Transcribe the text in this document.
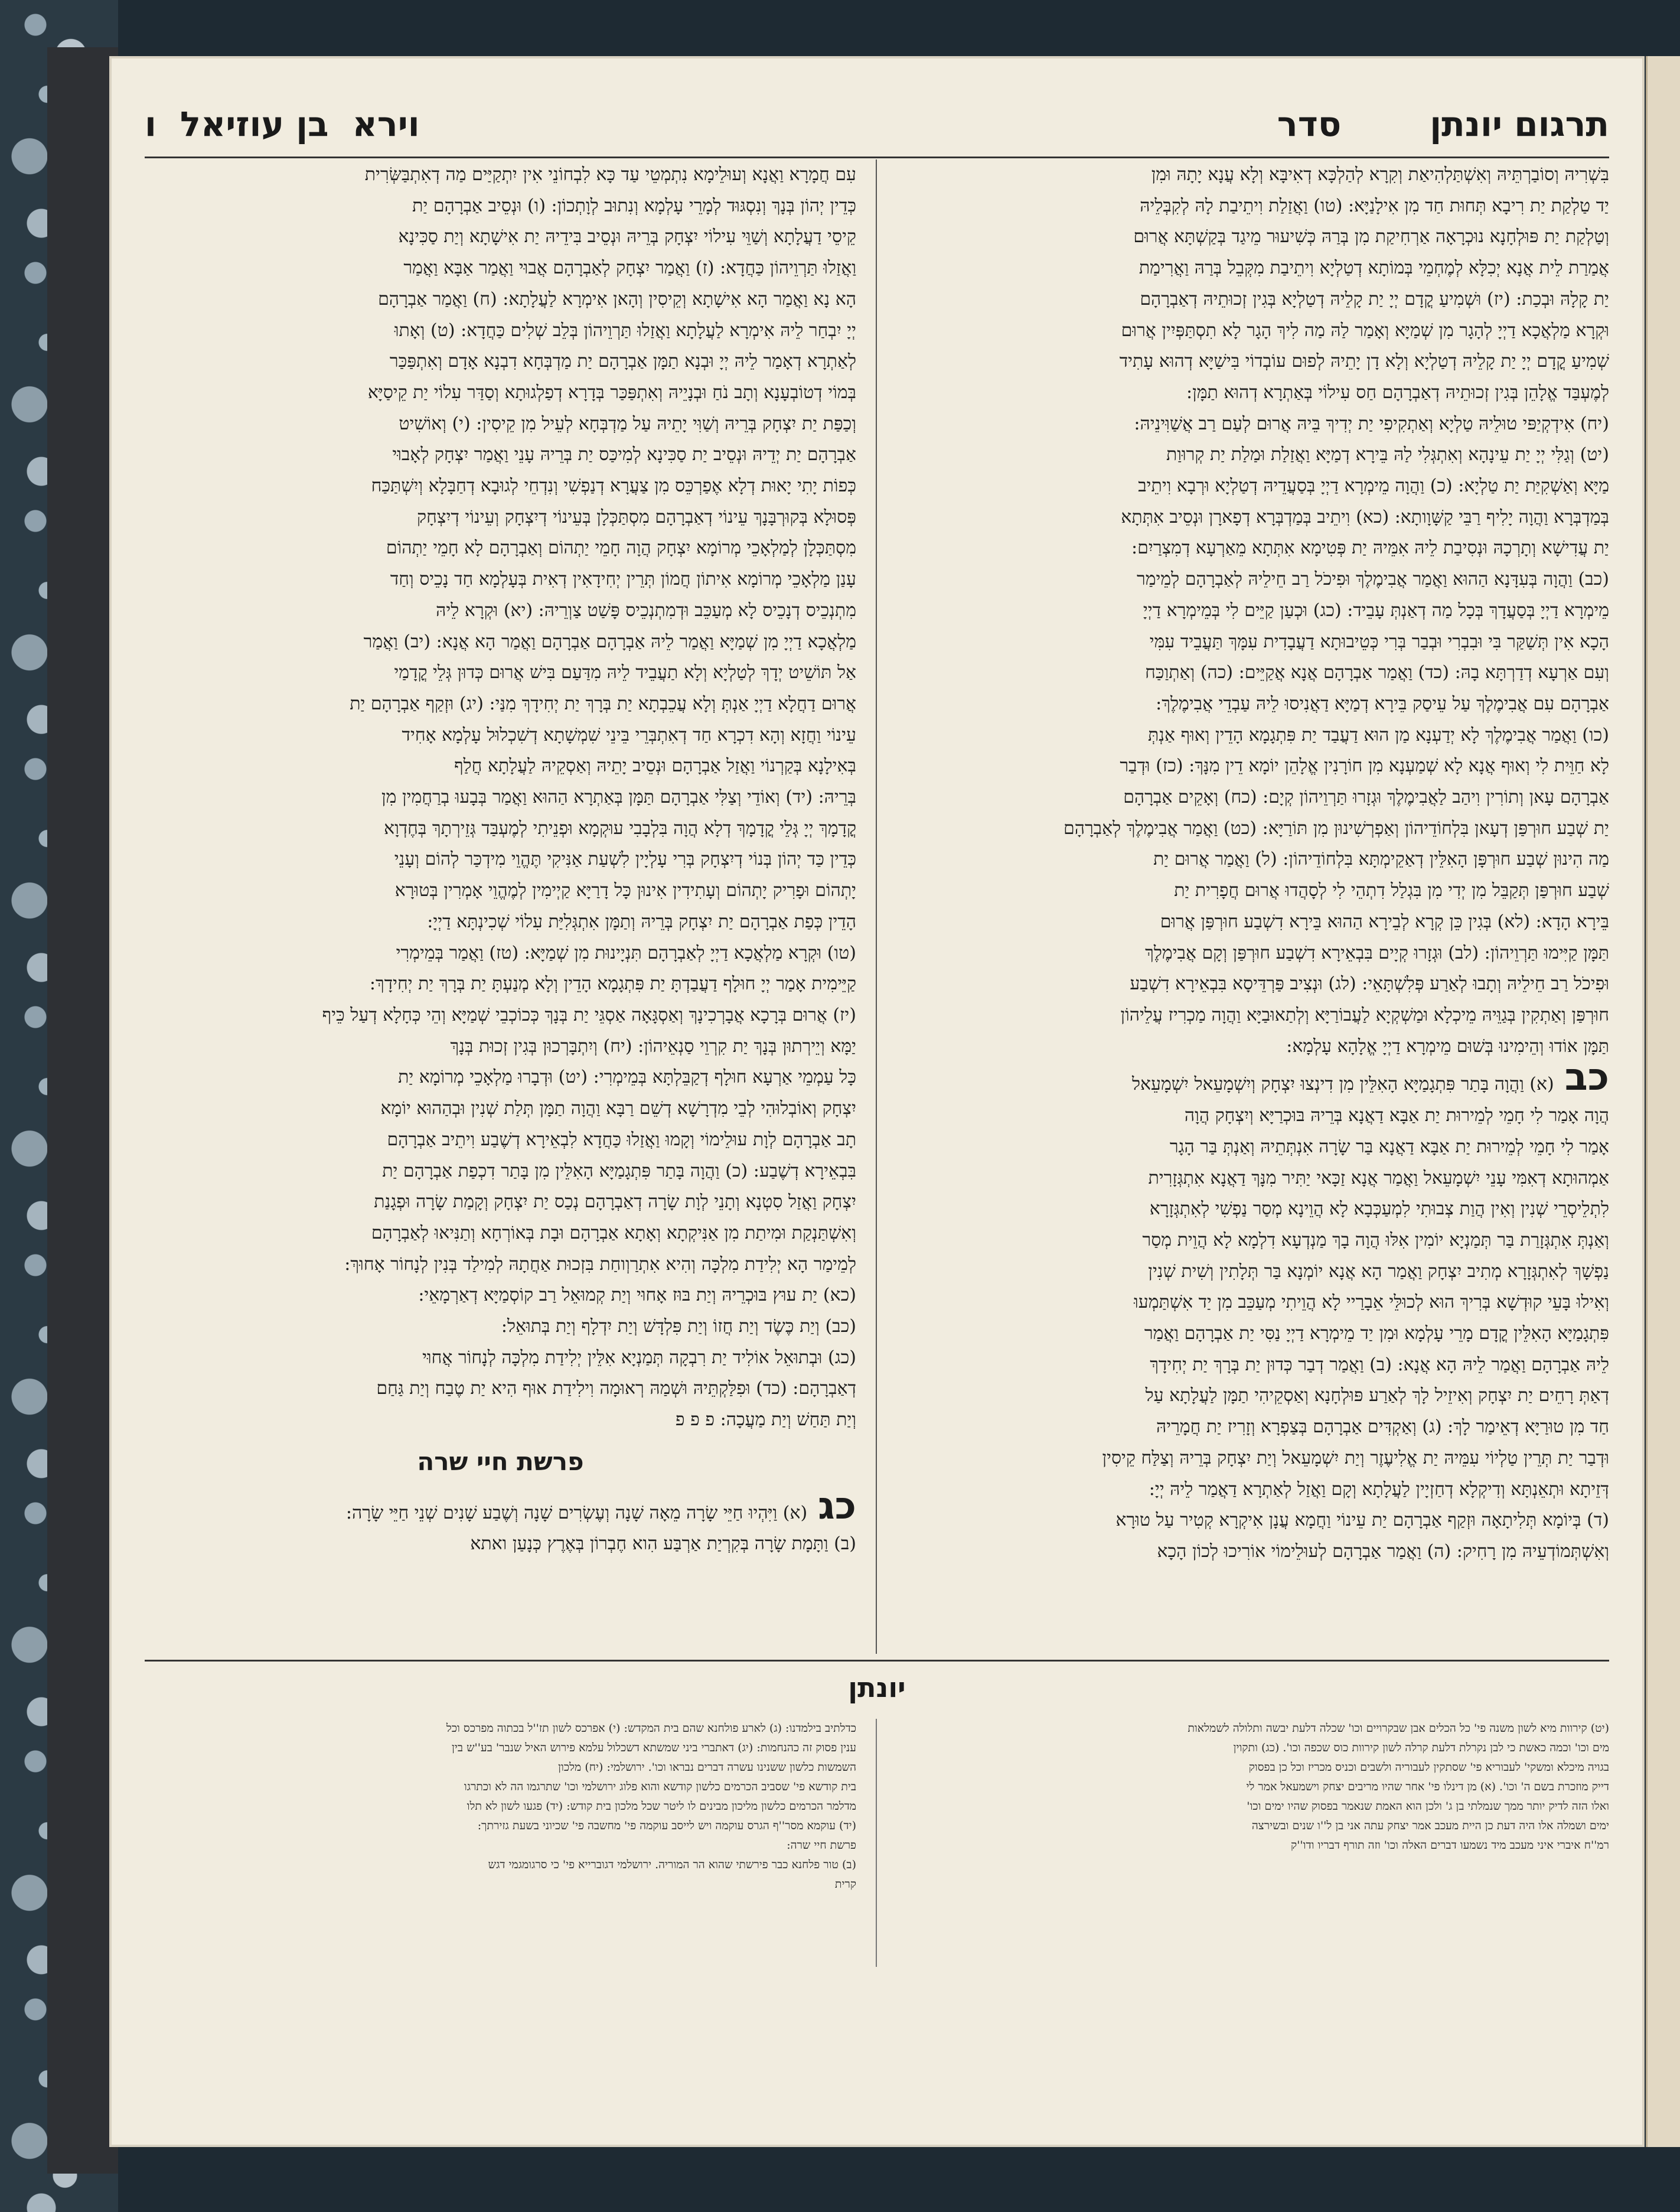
תרגום יונתן
סדר
וירא
בן עוזיאל
ו
בִּשְׁרִיהּ וְסוֹבַרְתֵּיהּ וְאִשְׁתַּלְהִיאַת וְקִרָא לְהַלְכָּא דְאִיבָּא וְלָא עֲנָא יָתָהּ וּמִן
יַד טַלְקַת יַת רִיבָא תְּחוּת חַד מִן אִילָנַיָּא: (טו) וַאֲזַלַת וִיתֵיבַת לָהּ לְקִבְּלֵיהּ
וְטַלְקַת יַת פּוּלְחָנָא נוּכְרָאָה אַרְחִיקַת מִן בְּרַהּ כְּשִׁיעוּר מֵיגַד בְּקַשְׁתָּא אֲרוּם
אֲמַרַת לֵית אֲנָא יְכִלָּא לְמֶחְמֵי בְּמוֹתָא דְטַלְיָא וִיתֵיבַת מִקְּבֵל בְּרַהּ וַאֲרִימַת
יַת קָלָהּ וּבְכַת: (יז) וּשְׁמִיעַ קֳדָם יְיָ יַת קָלֵיהּ דְטַלְיָא בְּגִין זְכוּתֵיהּ דְאַבְרָהָם
וּקְרָא מַלְאֲכָא דַיְיָ לְהָגָר מִן שְׁמַיָּא וְאָמַר לַהּ מַה לִיךְ הָגָר לָא תִסְתַּפְּיִין אֲרוּם
שְׁמִיעַ קֳדָם יְיָ יַת קָלֵיהּ דְטַלְיָא וְלָא דָן יָתֵיהּ לְפוּם עוֹבְדוֹי בִּישַׁיָּא דְהוּא עָתִיד
לְמֶעְבַּד אֱלָהֵן בְּגִין זְכוּתֵיהּ דְאַבְרָהָם חַס עִילוֹי בְּאַתְרָא דְהוּא תַמָּן:
(יח) אִידְקְיַפּי טוּלֵיהּ טַלְיָא וְאַתְקִיפִי יַת יְדִיךְ בֵּיהּ אֲרוּם לְעַם רַב אֲשַׁוִּינֵיהּ:
(יט) וְגַלִּי יְיָ יַת עֵינָהָא וְאִתְגְּלִי לַהּ בֵּירָא דְמַיָּא וַאֲזַלַת וּמַלַת יַת קְרוּוַת
מַיָּא וְאַשְׁקִיַּת יַת טַלְיָא: (כ) וַהֲוָה מֵימְרָא דַיְיָ בְּסַעֲדֵיהּ דְטַלְיָא וּרְבָא וִיתֵיב
בְּמַדְבְּרָא וַהֲוָה יָלִיף רַבֵּי קַשָּׁוָותָא: (כא) וִיתֵיב בְּמַדְבְּרָא דְפָארָן וּנְסֵיב אִתְּתָא
יַת עֲדִישָׁא וְתָרְכָהּ וּנְסִיבַת לֵיהּ אִמֵּיהּ יַת פְּטִימָא אִתְּתָא מֵאַרְעָא דְמִצְרַיִם:
(כב) וַהֲוָה בְּעִדָּנָא הַהוּא וַאֲמַר אֲבִימֶלֶךְ וּפִיכֹל רַב חֵילֵיהּ לְאַבְרָהָם לְמֵימַר
מֵימְרָא דַיְיָ בְּסַעֲדָךְ בְּכָל מַה דְאַנְתְּ עָבֵיד: (כג) וּכְעַן קַיֵּים לִי בְּמֵימְרָא דַיְיָ
הָכָא אִין תְּשַׁקַּר בִּי וּבִבְרִי וּבְבַר בְּרִי כְּטֵיבוּתָא דַעֲבָדִית עִמָּךְ תַּעֲבֵיד עִמִּי
וְעִם אַרְעָא דְדַרְתָּא בָהּ: (כד) וַאֲמַר אַבְרָהָם אֲנָא אֲקַיֵּים: (כה) וְאַתְוַכַּח
אַבְרָהָם עִם אֲבִימֶלֶךְ עַל עֵיסַק בֵּירָא דְמַיָּא דַאֲנִיסוּ לֵיהּ עַבְדֵי אֲבִימֶלֶךְ:
(כו) וַאֲמַר אֲבִימֶלֶךְ לָא יְדַעְנָא מַן הוּא דַעֲבַד יַת פִּתְגָמָא הָדֵין וְאוּף אַנְתְּ
לָא חַוֵּית לִי וְאוּף אֲנָא לָא שְׁמַעְנָא מִן חוֹרָנִין אֱלָהֵן יוֹמָא דֵין מִנָּךְ: (כז) וּדְבַר
אַבְרָהָם עָאן וְתוֹרִין וִיהַב לַאֲבִימֶלֶךְ וּגְזָרוּ תַּרְוֵיהוֹן קְיָם: (כח) וְאָקֵים אַבְרָהָם
יַת שְׁבַע חוּרְפַּן דְעָאן בִּלְחוֹדֵיהוֹן וְאַפְרְשִׁינוּן מִן תּוֹרַיָּא: (כט) וַאֲמַר אֲבִימֶלֶךְ לְאַבְרָהָם
מַה הִינוּן שְׁבַע חוּרְפָּן הָאִלֵּין דְאַקֵימְתָּא בִּלְחוֹדֵיהוֹן: (ל) וַאֲמַר אֲרוּם יַת
שְׁבַע חוּרְפַּן תְּקַבֵּל מִן יְדִי מִן בִּגְלַל דִתְהֵי לִי לְסָהֲדוּ אֲרוּם חֲפָרִית יַת
בֵּירָא הָדָא: (לא) בְּגִין כֵּן קְרָא לְבֵירָא הַהוּא בֵּירָא דִשְׁבַע חוּרְפַּן אֲרוּם
תַּמָּן קַיִּימוּ תַּרְוֵיהוֹן: (לב) וּגְזָרוּ קְיָים בִּבְאֵירָא דִשְׁבַע חוּרְפַּן וְקָם אֲבִימֶלֶךְ
וּפִיכֹל רַב חֵילֵיהּ וְתָבוּ לְאַרַע פְּלִשְׁתָּאֵי: (לג) וּנְצִיב פַּרְדֵּיסָא בִּבְאֵירָא דִשְׁבַע
חוּרְפַּן וְאַתְקִין בְּגַוֵּיהּ מֵיכְלָא וּמַשְׁקְיָא לַעֲבוֹרַיָּא וְלְתַאוּבַיָּא וַהֲוָה מַכְרִיז עֲלֵיהוֹן
תַּמָּן אוֹדוּ וְהֵימִינוּ בְּשׁוּם מֵימְרָא דַיְיָ אֱלָהָא עָלְמָא:
כב(א) וַהֲוָה בָּתַר פִּתְגָמַיָּא הָאִלֵּין מִן דִינְצוּ יִצְחָק וְיִשְׁמָעֵאל יִשְׁמָעֵאל
הֲוָה אָמַר לִי חָמֵי לְמֵירוּת יַת אַבָּא דַאֲנָא בְּרֵיהּ בּוּכְרַיָּא וְיִצְחָק הֲוָה
אָמַר לִי חָמֵי לְמֵירוּת יַת אַבָּא דַאֲנָא בַּר שָׂרָה אִנְתְּתֵיהּ וְאַנְתְּ בַּר הָגָר
אַמְהוּתָא דְאִמִּי עָנֵי יִשְׁמָעֵאל וַאֲמַר אֲנָא זַכָּאי יַתִּיר מִנָּךְ דַאֲנָא אִתְגְּזָרִית
לִתְלֵיסְרֵי שְׁנִין וְאִין הֲוַת צְבוּתִי לִמְעַכְּבָא לָא הֲוֵינָא מְסַר נַפְשִׁי לְאִתְגְּזָרָא
וְאַנְתְּ אִתְגְּזָרַת בַּר תְּמַנְיָא יוֹמִין אִלּוּ הֲוָה בָךְ מַנְדְעָא דִלְמָא לָא הֲוֵית מְסַר
נַפְשָׁךְ לְאִתְגְּזָרָא מְתִיב יִצְחָק וַאֲמַר הָא אֲנָא יוֹמְנָא בַּר תְּלָתִין וְשִׁית שְׁנִין
וְאִילוּ בָּעֵי קוּדְשָׁא בְּרִיךְ הוּא לְכוּלֵּי אֵבָרַיי לָא הֲוֵיתִי מְעַכֵּב מִן יַד אִשְׁתַּמְעוּ
פִּתְגָמַיָּא הָאִלֵּין קֳדָם מָרֵי עָלְמָא וּמִן יַד מֵימְרָא דַיְיָ נַסִּי יַת אַבְרָהָם וַאֲמַר
לֵיהּ אַבְרָהָם וַאֲמַר לֵיהּ הָא אֲנָא: (ב) וַאֲמַר דְבַר כְּדוּן יַת בְּרָךְ יַת יְחִידָךְ
דְאַתְּ רָחֵים יַת יִצְחָק וְאִיזֵיל לָךְ לְאַרַע פּוּלְחָנָא וְאַסְקֵיהִי תַמָּן לַעֲלָתָא עַל
חַד מִן טוּרַיָּא דְאֵימַר לָךְ: (ג) וְאַקְדִּים אַבְרָהָם בְּצַפְרָא וְזָרִיז יַת חֲמָרֵיהּ
וּדְבַר יַת תְּרֵין טַלְיוֹי עִמֵּיהּ יַת אֱלִיעֶזֶר וְיַת יִשְׁמָעֵאל וְיַת יִצְחָק בְּרֵיהּ וְצַלַּח קֵיסִין
דְּזֵיתָא וּתְאֵנְתָּא וְדִיקְלָא דְחַזְיָין לַעֲלָתָא וְקָם וַאֲזַל לְאַתְרָא דַאֲמַר לֵיהּ יְיָ:
(ד) בְּיוֹמָא תְּלִיתָאָה וּזְקַף אַבְרָהָם יַת עֵינוֹי וַחֲמָא עֲנָן אִיקְרָא קְטִיר עַל טוּרָא
וְאִשְׁתְּמוֹדְעֵיהּ מִן רָחִיק: (ה) וַאֲמַר אַבְרָהָם לְעוּלֵימוֹי אוֹרִיכוּ לְכוֹן הָכָא
עִם חֲמָרָא וַאֲנָא וְעוּלֵימָא נִתְמְטֵי עַד כָּא לִבְחוֹנֵי אִין יִתְקַיַּים מַה דְאִתְבַּשְּׂרִית
כְּדֵין יְהוֹן בְּנָךְ וְנִסְגּוּד לְמָרֵי עָלְמָא וְנִתוּב לְוָתְכוֹן: (ו) וּנְסֵיב אַבְרָהָם יַת
קֵיסֵי דַעֲלָתָא וְשַׁוֵּי עִילוֹי יִצְחָק בְּרֵיהּ וּנְסֵיב בִּידֵיהּ יַת אִישָׁתָא וְיַת סַכִּינָא
וַאֲזַלוּ תַּרְוֵיהוֹן כַּחֲדָא: (ז) וַאֲמַר יִצְחָק לְאַבְרָהָם אֲבוּי וַאֲמַר אַבָּא וַאֲמַר
הָא נָא וַאֲמַר הָא אִישָׁתָא וְקֵיסִין וְהָאן אִימְרָא לַעֲלָתָא: (ח) וַאֲמַר אַבְרָהָם
יְיָ יִבְחַר לֵיהּ אִימְרָא לַעֲלָתָא וַאֲזַלוּ תַּרְוֵיהוֹן בְּלֵב שְׁלִים כַּחֲדָא: (ט) וְאָתוּ
לְאַתְרָא דְאָמַר לֵיהּ יְיָ וּבְנָא תַמָּן אַבְרָהָם יַת מַדְבְּחָא דִבְנָא אָדָם וְאִתְפַּכַּר
בְּמוֹי דְטוֹבְעָנָא וְתָב נֹחַ וּבְנָיֵיהּ וְאִתְפַּכַּר בְּדָרָא דְפַלְגוּתָא וְסַדַּר עִלוֹי יַת קֵיסַיָּא
וְכַפַּת יַת יִצְחָק בְּרֵיהּ וְשַׁוִּי יָתֵיהּ עַל מַדְבְּחָא לְעֵיל מִן קֵיסִין: (י) וְאוֹשִׁיט
אַבְרָהָם יַת יְדֵיהּ וּנְסֵיב יַת סַכִּינָא לְמִיכַּס יַת בְּרֵיהּ עָנֵי וַאֲמַר יִצְחָק לְאָבוּי
כְּפוֹת יָתִי יָאוּת דְלָא אֶפַרְכֵּס מִן צַעֲרָא דְנַפְשִׁי וְנִדְחֵי לְגוּבָא דְחַבָּלָא וְיִשְׁתַּכַּח
פְּסוּלָא בְּקוּרְבָּנָךְ עֵינוֹי דְאַבְרָהָם מִסְתַּכְּלָן בְּעֵינוֹי דְיִצְחָק וְעֵינוֹי דְיִצְחָק
מִסְתַּכְּלָן לְמַלְאָכֵי מְרוֹמָא יִצְחָק הֲוָה חָמֵי יַתְהוֹם וְאַבְרָהָם לָא חָמֵי יַתְהוֹם
עָנַן מַלְאָכֵי מְרוֹמָא אִיתוֹן חֲמוֹן תְּרֵין יְחִידָאִין דְאִית בְּעָלְמָא חַד נָכֵיס וְחַד
מִתְנְכֵיס דְנָכֵיס לָא מְעַכֵּב וּדְמִתְנְכֵיס פָּשַׁט צַוְרֵיהּ: (יא) וּקְרָא לֵיהּ
מַלְאֲכָא דַיְיָ מִן שְׁמַיָּא וַאֲמַר לֵיהּ אַבְרָהָם אַבְרָהָם וַאֲמַר הָא אֲנָא: (יב) וַאֲמַר
אַל תּוֹשֵׁיט יְדָךְ לְטַלְיָא וְלָא תַעֲבֵיד לֵיהּ מִדַּעַם בִּישׁ אֲרוּם כְּדוּן גְּלֵי קֳדָמַי
אֲרוּם דַחֲלָא דַיְיָ אַנְתְּ וְלָא עֲכֵבְתָא יַת בְּרָךְ יַת יְחִידָךְ מִנַּי: (יג) וּזְקַף אַבְרָהָם יַת
עֵינוֹי וַחֲזָא וְהָא דִכְרָא חַד דְאִתְבְּרֵי בֵּינֵי שִׁמְשָׁתָא דְשִׁכְלוּל עָלְמָא אָחִיד
בְּאִילָנָא בְּקַרְנוֹי וַאֲזַל אַבְרָהָם וּנְסֵיב יָתֵיהּ וְאַסְקֵיהּ לַעֲלָתָא חֲלַף
בְּרֵיהּ: (יד) וְאוֹדֵי וְצַלִּי אַבְרָהָם תַּמָּן בְּאַתְרָא הַהוּא וַאֲמַר בְּבָעוּ בְרַחֲמִין מִן
קֳדָמָךְ יְיָ גְּלֵי קֳדָמָךְ דְלָא הֲוָה בִּלְבָבִי עוּקְמָא וּפְנֵיתִי לְמֶעְבַּד גְּזֵירְתָךְ בְּחֶדְוָא
כְּדֵין כַּד יְהוֹן בְּנוֹי דְיִצְחָק בְּרִי עָלְיָין לִשְׁעַת אַנִּיקִי תֶּהֱוֵי מִידְכַּר לְהוֹם וְעָנֵי
יָתְהוֹם וּפָרִיק יָתְהוֹם וְעָתִידִין אִינוּן כָּל דָרַיָּא קַיְימִין לְמֶהֱוֵי אָמְרִין בְּטוּרָא
הָדֵין כְּפַת אַבְרָהָם יַת יִצְחָק בְּרֵיהּ וְתַמָּן אִתְגְּלִיַּת עִלוֹי שְׁכִינְתָּא דַיְיָ:
(טו) וּקְרָא מַלְאֲכָא דַיְיָ לְאַבְרָהָם תִּנְיָינוּת מִן שְׁמַיָּא: (טז) וַאֲמַר בְּמֵימְרִי
קַיֵּימִית אָמַר יְיָ חוּלָף דַעֲבַדְתָּ יַת פִּתְגָמָא הָדֵין וְלָא מְנַעְתָּ יַת בְּרָךְ יַת יְחִידָךְ:
(יז) אֲרוּם בְּרָכָא אֲבָרְכִינָךְ וְאַסְגָּאָה אַסְגֵּי יַת בְּנָךְ כְּכוֹכְבֵי שְׁמַיָּא וְהֵי כְּחָלָא דְעַל כֵּיף
יַמָּא וְיֵירְתוּן בְּנָךְ יַת קִרְוֵי סַנְאֵיהוֹן: (יח) וְיִתְבָּרְכוּן בְּגִין זְכוּת בְּנָךְ
כָּל עַמְמֵי אַרְעָא חוּלָף דְקַבֵּלְתָּא בְּמֵימְרִי: (יט) וּדְבָרוּ מַלְאָכֵי מְרוֹמָא יַת
יִצְחָק וְאוֹבְלוּהִי לְבֵי מִדְרָשָׁא דְשֵׁם רַבָּא וַהֲוָה תַמָּן תְּלַת שְׁנִין וּבְהַהוּא יוֹמָא
תָב אַבְרָהָם לְוָת עוּלֵימוֹי וְקָמוּ וַאֲזַלוּ כַּחֲדָא לִבְאֵירָא דְשֶׁבַע וִיתֵיב אַבְרָהָם
בִּבְאֵירָא דְשֶׁבַע: (כ) וַהֲוָה בָּתַר פִּתְגָמַיָּא הָאִלֵּין מִן בָּתַר דִכְפַת אַבְרָהָם יַת
יִצְחָק וַאֲזַל סִטְנָא וְתָנֵי לְוָת שָׂרָה דְאַבְרָהָם נְכַס יַת יִצְחָק וְקָמַת שָׂרָה וּפְגָנַת
וְאִשְׁתַּנְקַת וּמִיתַת מִן אַנִּיקְתָא וְאָתָא אַבְרָהָם וּבָת בְּאוֹרְחָא וְתַנִּיאוּ לְאַבְרָהָם
לְמֵימַר הָא יְלִידַת מִלְכָּה וְהִיא אִתְרַוְוחַת בִּזְכוּת אַחֲתָהּ לְמִילַד בְּנִין לְנָחוֹר אָחוּךְ:
(כא) יַת עוּץ בּוּכְרֵיהּ וְיַת בּוּז אָחוּי וְיַת קְמוּאֵל רַב קוֹסְמַיָּא דְאַרְמָאֵי:
(כב) וְיַת כֶּשֶׂד וְיַת חֲזוֹ וְיַת פִּלְדָּשׁ וְיַת יִדְלָף וְיַת בְּתוּאֵל:
(כג) וּבְתוּאֵל אוֹלִיד יַת רִבְקָה תְּמַנְיָא אִלֵּין יְלִידַת מִלְכָּה לְנָחוֹר אֲחוּי
דְאַבְרָהָם: (כד) וּפִלַּקְתֵּיהּ וּשְׁמַהּ רְאוּמָה וִילִידַת אוּף הִיא יַת טֶבַח וְיַת גַּחַם
וְיַת תַּחַשׁ וְיַת מַעֲכָה: פ פ פ
פרשת חיי שרה
כג(א) וַיִּהְיוּ חַיֵּי שָׂרָה מֵאָה שָׁנָה וְעֶשְׂרִים שָׁנָה וְשֶׁבַע שָׁנִים שְׁנֵי חַיֵּי שָׂרָה:
(ב) וַתָּמָת שָׂרָה בְּקִרְיַת אַרְבַּע הִוא חֶבְרוֹן בְּאֶרֶץ כְּנָעַן ואתא
יונתן
(יט) קירוות מיא לשון משנה פי' כל הכלים אבן שבקרויים וכו' שכלה דלעת יבשה ותלולה לשמלאות
מים וכו' וכמה כאשת כי לבן נקרלת דלעת קרלה לשון קירוות כוס שכפה וכו'. (כג) ותקוין
בגויה מיכלא ומשקי' לעבוריא פי' שסתקין לעבוריה ולשבים וכניס מכריז וכל כן בפסוק
דייק מוזכרת בשם ה' וכו'. (א) מן דינלו פי' אחר שהיו מריבים יצחק וישמעאל אמר לי
ואלו הזה לדיק יותר ממך שנמלתי בן ג' ולכן הוא האמת שנאמר בפסוק שהיו ימים וכו'
ימים ושמלה אלו היה דעת כן היית מעכב אמר יצחק עתה אני בן ל''ו שנים ובשירצה
רמ''ח איברי איני מעכב מיד נשמעו דברים האלה וכו' וזה תורף דבריו ודו''ק
כדלתיב בילמדנו: (ג) לארע פולחנא שהם בית המקדש: (י) אפרכס לשון תז''ל בכתוה מפרכס וכל
ענין פסוק זה כהנחמות: (יג) דאתברי ביני שמשתא דשכלול עלמא פירוש האיל שנבר' בע''ש בין
השמשות כלשון ששנינו עשרה דברים נבראו וכו'. ירושלמי: (יח) מלכון
בית קודשא פי' שסביב הכרמים כלשון קודשא והוא פלוג ירושלמי וכו' שתרגמו הה לא וכתרגו
מדלמר הכרמים כלשון מליכון מבינים לו ליטר שכל מלכון בית קודש: (יד) פגעו לשון לא תלו
(יד) עוקמא מסר''ף הגרס עוקמה ויש לייסב עוקמה פי' מחשבה פי' שכיוני בשעת גזירתך:
פרשת חיי שרה:
(ב) טור פלחנא כבר פירשתי שהוא הר המוריה. ירושלמי דגוברייא פי' כי סרגומגמי דגש
קרית
